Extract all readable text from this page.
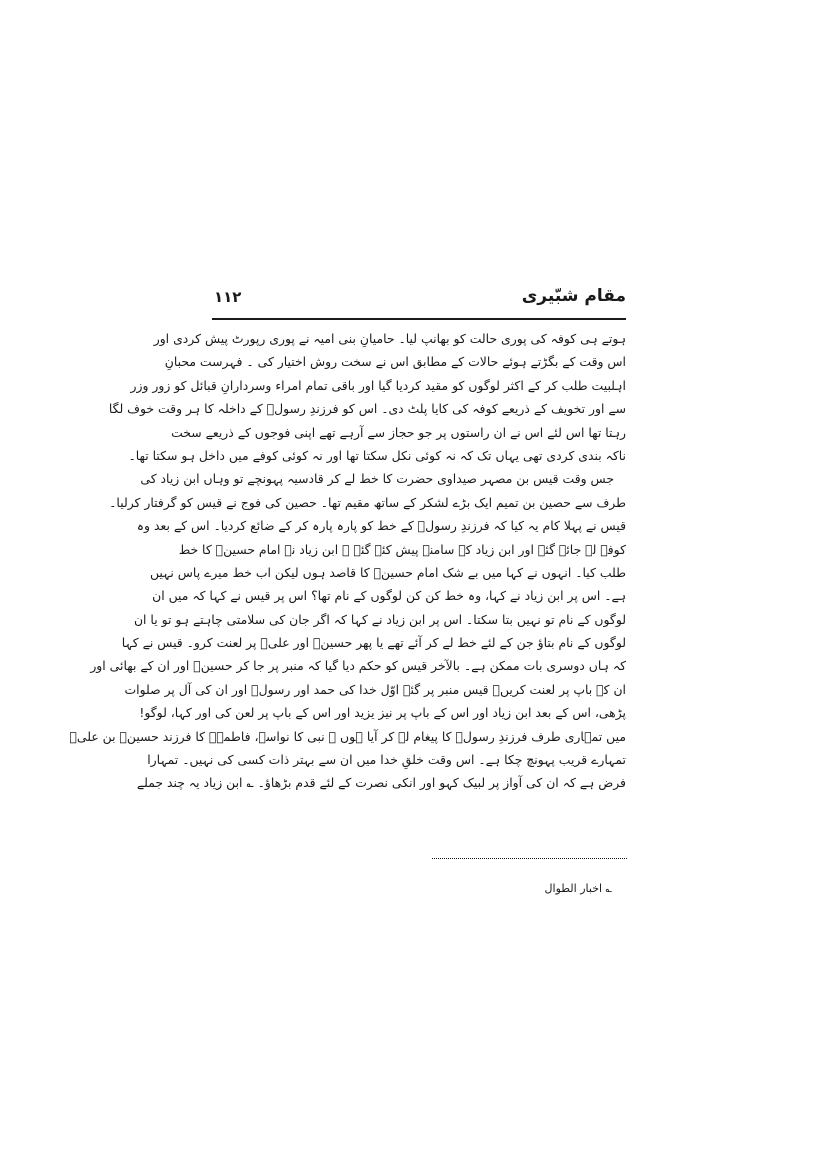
مقام شبّیری
۱۱۲
ہوتے ہی کوفہ کی پوری حالت کو بھانپ لیا۔ حامیانِ بنی امیہ نے پوری رپورٹ پیش کردی اور
اس وقت کے بگڑتے ہوئے حالات کے مطابق اس نے سخت روش اختیار کی ۔ فہرست محبانِ
اہلبیت طلب کر کے اکثر لوگوں کو مقید کردیا گیا اور باقی تمام امراء وسردارانِ قبائل کو زور وزر
سے اور تخویف کے ذریعے کوفہ کی کایا پلٹ دی۔ اس کو فرزندِ رسولؐ کے داخلہ کا ہر وقت خوف لگا
رہتا تھا اس لئے اس نے ان راستوں پر جو حجاز سے آرہے تھے اپنی فوجوں کے ذریعے سخت
ناکہ بندی کردی تھی یہاں تک کہ نہ کوئی نکل سکتا تھا اور نہ کوئی کوفے میں داخل ہو سکتا تھا۔
جس وقت قیس بن مصہر صیداوی حضرت کا خط لے کر قادسیہ پہونچے تو وہاں ابن زیاد کی
طرف سے حصین بن تمیم ایک بڑے لشکر کے ساتھ مقیم تھا۔ حصین کی فوج نے قیس کو گرفتار کرلیا۔
قیس نے پہلا کام یہ کیا کہ فرزندِ رسولؐ کے خط کو پارہ پارہ کر کے ضائع کردیا۔ اس کے بعد وہ
کوفے لے جائے گئے اور ابن زیاد کے سامنے پیش کئے گئے ۔ ابن زیاد نے امام حسینؑ کا خط
طلب کیا۔ انہوں نے کہا میں بے شک امام حسینؑ کا قاصد ہوں لیکن اب خط میرے پاس نہیں
ہے۔ اس پر ابن زیاد نے کہا، وہ خط کن کن لوگوں کے نام تھا؟ اس پر قیس نے کہا کہ میں ان
لوگوں کے نام تو نہیں بتا سکتا۔ اس پر ابن زیاد نے کہا کہ اگر جان کی سلامتی چاہتے ہو تو یا ان
لوگوں کے نام بتاؤ جن کے لئے خط لے کر آئے تھے یا پھر حسینؑ اور علیؑ پر لعنت کرو۔ قیس نے کہا
کہ ہاں دوسری بات ممکن ہے۔ بالآخر قیس کو حکم دیا گیا کہ منبر پر جا کر حسینؑ اور ان کے بھائی اور
ان کے باپ پر لعنت کریں۔ قیس منبر پر گئے اوّل خدا کی حمد اور رسولؐ اور ان کی آل پر صلوات
پڑھی، اس کے بعد ابن زیاد اور اس کے باپ پر نیز یزید اور اس کے باپ پر لعن کی اور کہا، لوگو!
میں تمہاری طرف فرزندِ رسولؐ کا پیغام لے کر آیا ہوں ۔ نبی کا نواسہ، فاطمہؑ کا فرزند حسینؑ بن علیؑ
تمہارے قریب پہونچ چکا ہے۔ اس وقت خلقِ خدا میں ان سے بہتر ذات کسی کی نہیں۔ تمہارا
فرض ہے کہ ان کی آواز پر لبیک کہو اور انکی نصرت کے لئے قدم بڑھاؤ۔ ؎ ابن زیاد یہ چند جملے
؎ اخبار الطوال
